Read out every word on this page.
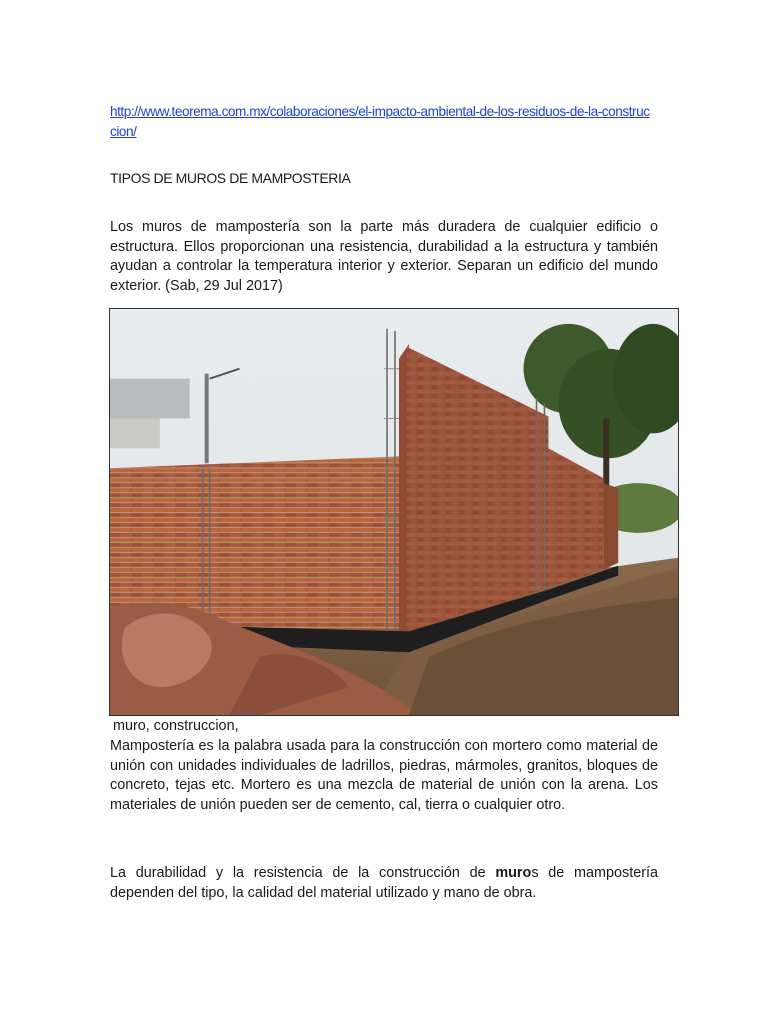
http://www.teorema.com.mx/colaboraciones/el-impacto-ambiental-de-los-residuos-de-la-construccion/
TIPOS DE MUROS DE MAMPOSTERIA
Los muros de mampostería son la parte más duradera de cualquier edificio o estructura. Ellos proporcionan una resistencia, durabilidad a la estructura y también ayudan a controlar la temperatura interior y exterior. Separan un edificio del mundo exterior. (Sab, 29 Jul 2017)
muro, construccion,
Mampostería es la palabra usada para la construcción con mortero como material de unión con unidades individuales de ladrillos, piedras, mármoles, granitos, bloques de concreto, tejas etc. Mortero es una mezcla de material de unión con la arena. Los materiales de unión pueden ser de cemento, cal, tierra o cualquier otro.
La durabilidad y la resistencia de la construcción de muros de mampostería dependen del tipo, la calidad del material utilizado y mano de obra.
